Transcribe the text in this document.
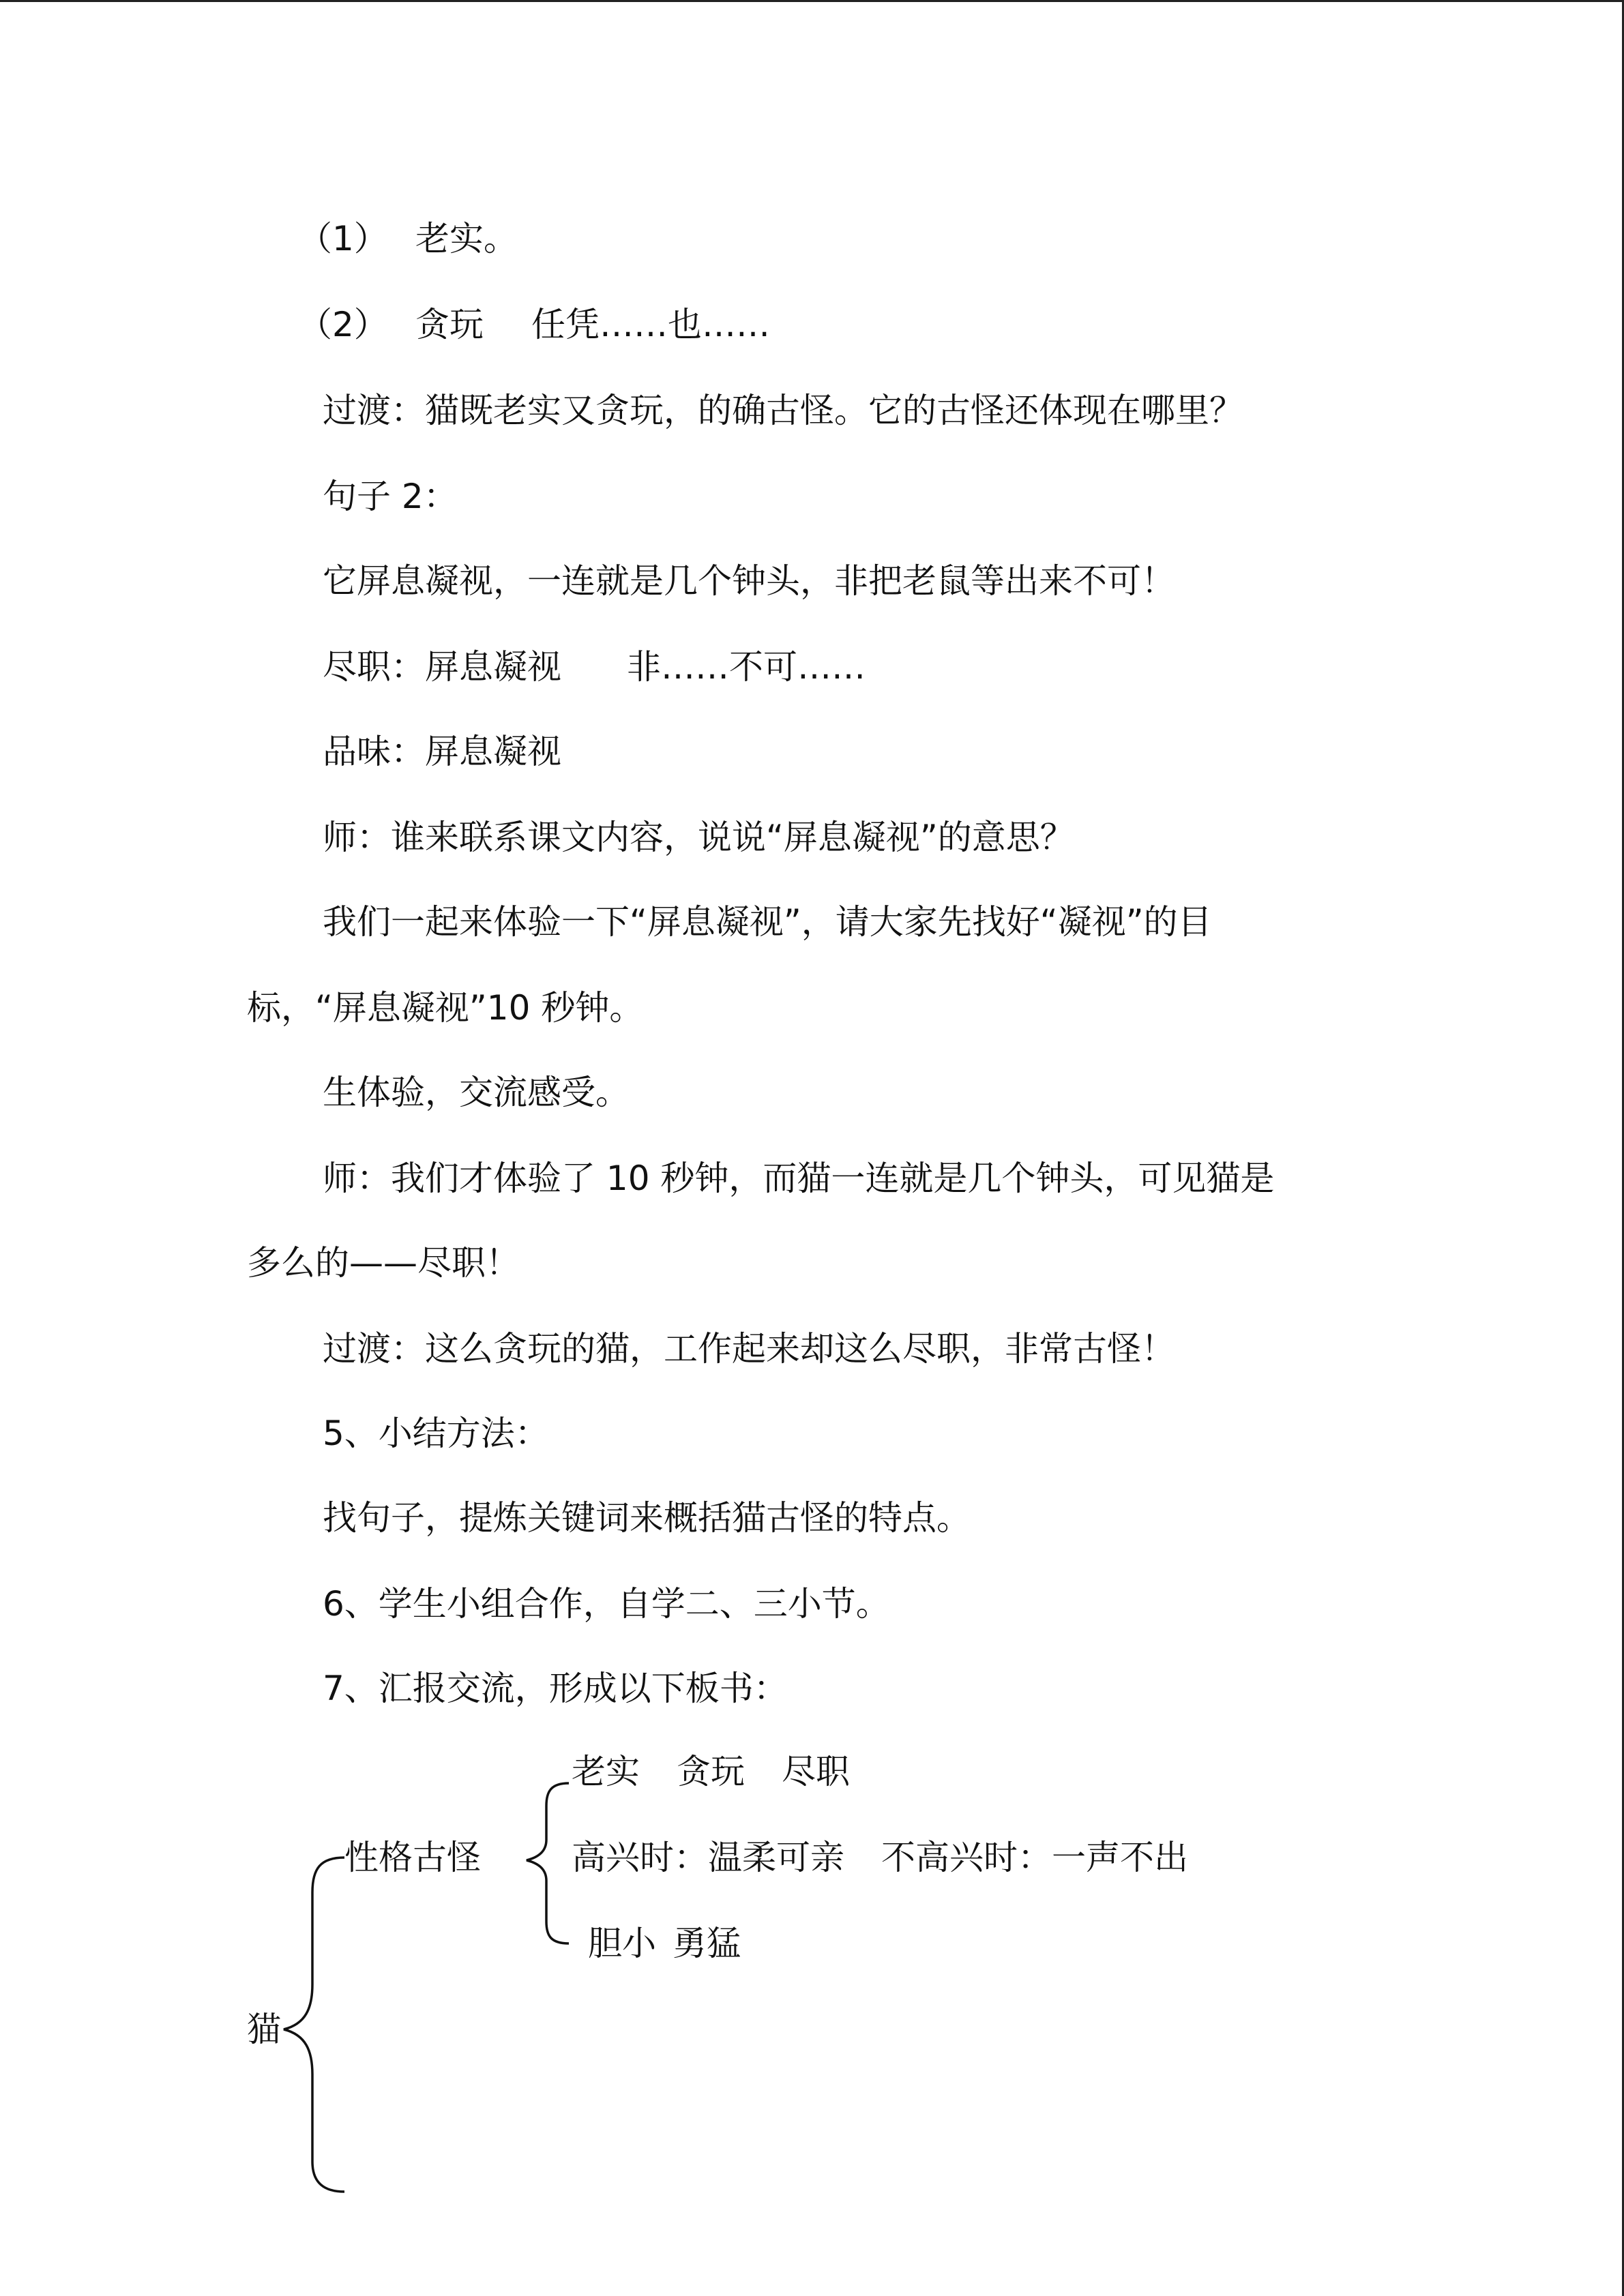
（1） 老实。
（2） 贪玩 任凭……也……
过渡：猫既老实又贪玩，的确古怪。它的古怪还体现在哪里？
句子 2：
它屏息凝视，一连就是几个钟头，非把老鼠等出来不可！
尽职：屏息凝视 非……不可……
品味：屏息凝视
师：谁来联系课文内容，说说“屏息凝视”的意思？
我们一起来体验一下“屏息凝视”，请大家先找好“凝视”的目
标，“屏息凝视”10 秒钟。
生体验，交流感受。
师：我们才体验了 10 秒钟，而猫一连就是几个钟头，可见猫是
多么的——尽职！
过渡：这么贪玩的猫，工作起来却这么尽职，非常古怪！
5、小结方法：
找句子，提炼关键词来概括猫古怪的特点。
6、学生小组合作，自学二、三小节。
7、汇报交流，形成以下板书：
猫
性格古怪
老实 贪玩 尽职
高兴时：温柔可亲 不高兴时：一声不出
胆小 勇猛
